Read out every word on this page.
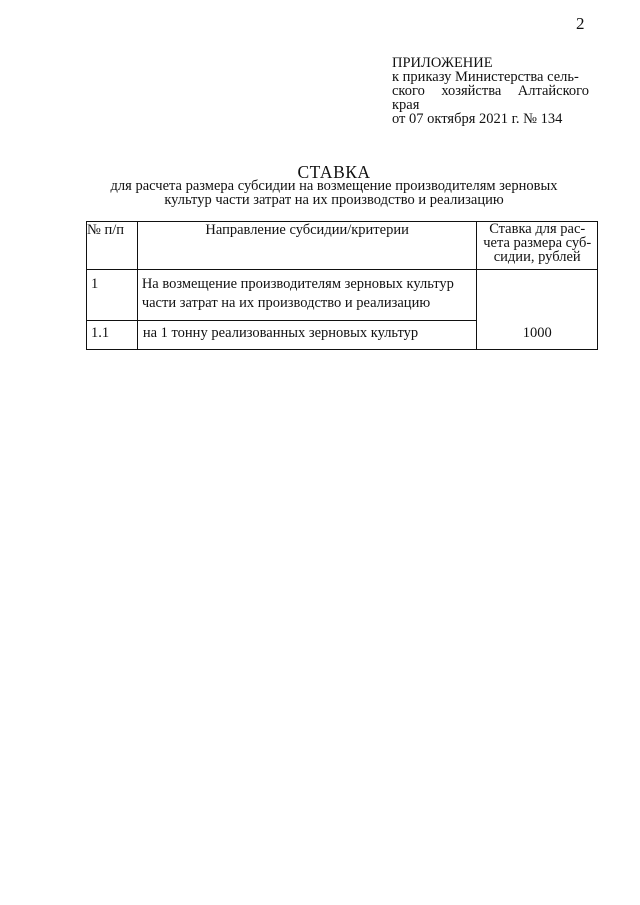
2
ПРИЛОЖЕНИЕ
к приказу Министерства сель-
ского хозяйства Алтайского
края
от 07 октября 2021 г. № 134
СТАВКА
для расчета размера субсидии на возмещение производителям зерновых
культур части затрат на их производство и реализацию
№ п/п	Направление субсидии/критерии	Ставка для рас-
чета размера суб-
сидии, рублей
1	На возмещение производителям зерновых культур
части затрат на их производство и реализацию	
1.1	на 1 тонну реализованных зерновых культур	1000
